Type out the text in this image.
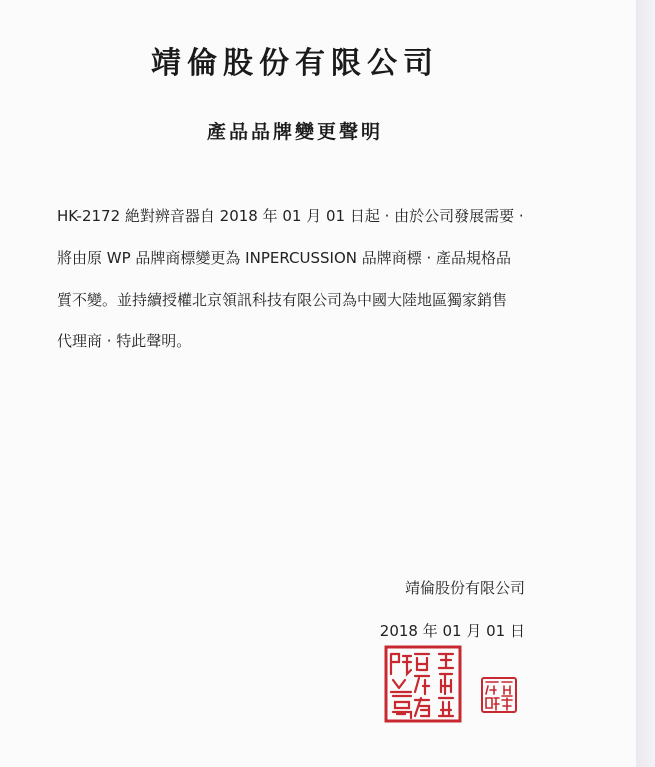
靖倫股份有限公司
產品品牌變更聲明
HK-2172 絶對辨音器自 2018 年 01 月 01 日起 · 由於公司發展需要 ·
將由原 WP 品牌商標變更為 INPERCUSSION 品牌商標 · 產品規格品
質不變。並持續授權北京領訊科技有限公司為中國大陸地區獨家銷售
代理商 · 特此聲明。
靖倫股份有限公司
2018 年 01 月 01 日
